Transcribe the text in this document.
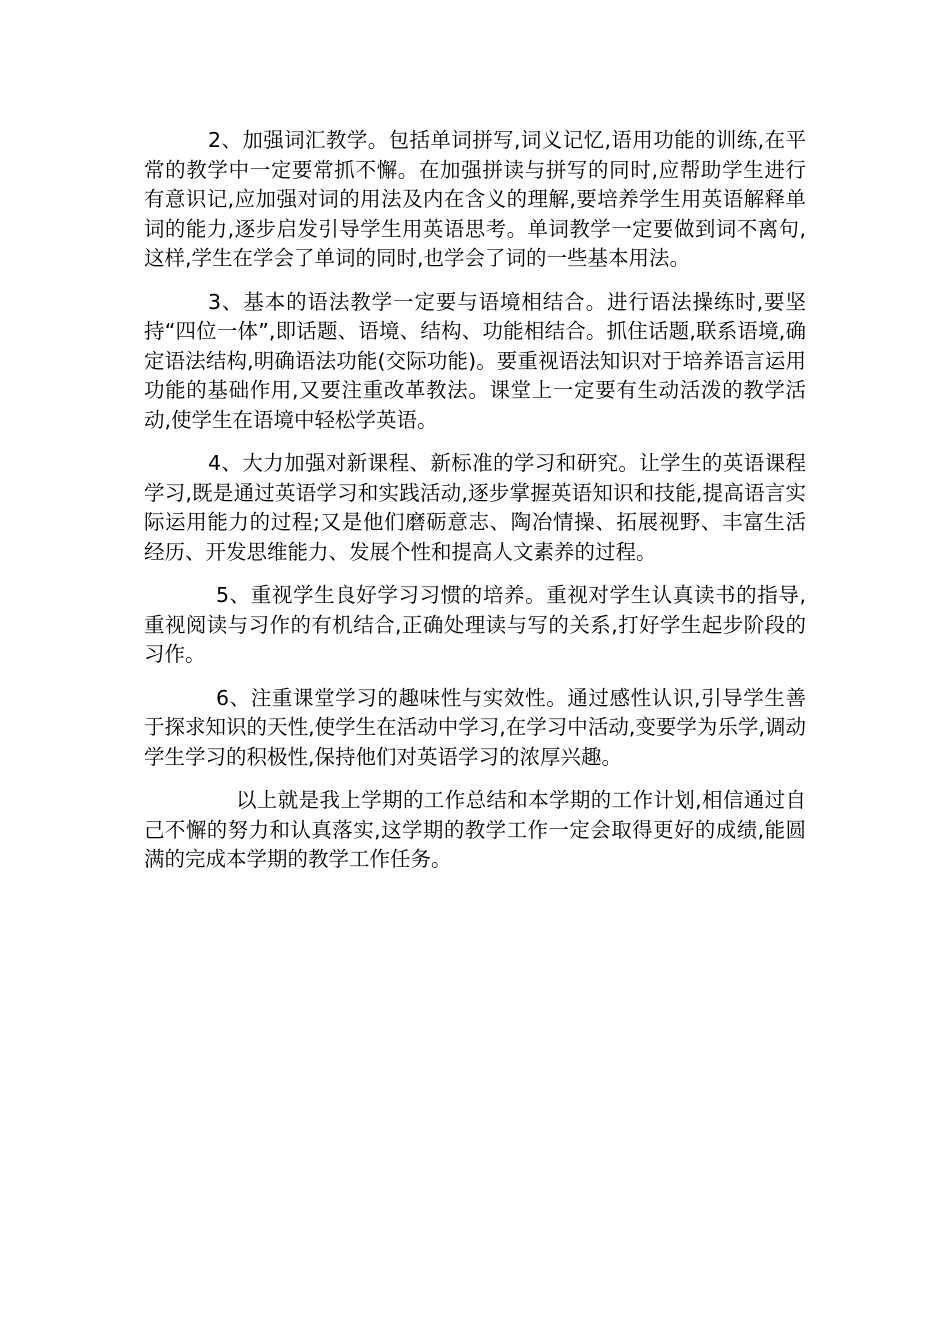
2、加强词汇教学。包括单词拼写,词义记忆,语用功能的训练,在平常的教学中一定要常抓不懈。在加强拼读与拼写的同时,应帮助学生进行有意识记,应加强对词的用法及内在含义的理解,要培养学生用英语解释单词的能力,逐步启发引导学生用英语思考。单词教学一定要做到词不离句,这样,学生在学会了单词的同时,也学会了词的一些基本用法。

3、基本的语法教学一定要与语境相结合。进行语法操练时,要坚持“四位一体”,即话题、语境、结构、功能相结合。抓住话题,联系语境,确定语法结构,明确语法功能(交际功能)。要重视语法知识对于培养语言运用功能的基础作用,又要注重改革教法。课堂上一定要有生动活泼的教学活动,使学生在语境中轻松学英语。

4、大力加强对新课程、新标准的学习和研究。让学生的英语课程学习,既是通过英语学习和实践活动,逐步掌握英语知识和技能,提高语言实际运用能力的过程;又是他们磨砺意志、陶冶情操、拓展视野、丰富生活经历、开发思维能力、发展个性和提高人文素养的过程。

5、重视学生良好学习习惯的培养。重视对学生认真读书的指导,重视阅读与习作的有机结合,正确处理读与写的关系,打好学生起步阶段的习作。

6、注重课堂学习的趣味性与实效性。通过感性认识,引导学生善于探求知识的天性,使学生在活动中学习,在学习中活动,变要学为乐学,调动学生学习的积极性,保持他们对英语学习的浓厚兴趣。

以上就是我上学期的工作总结和本学期的工作计划,相信通过自己不懈的努力和认真落实,这学期的教学工作一定会取得更好的成绩,能圆满的完成本学期的教学工作任务。
